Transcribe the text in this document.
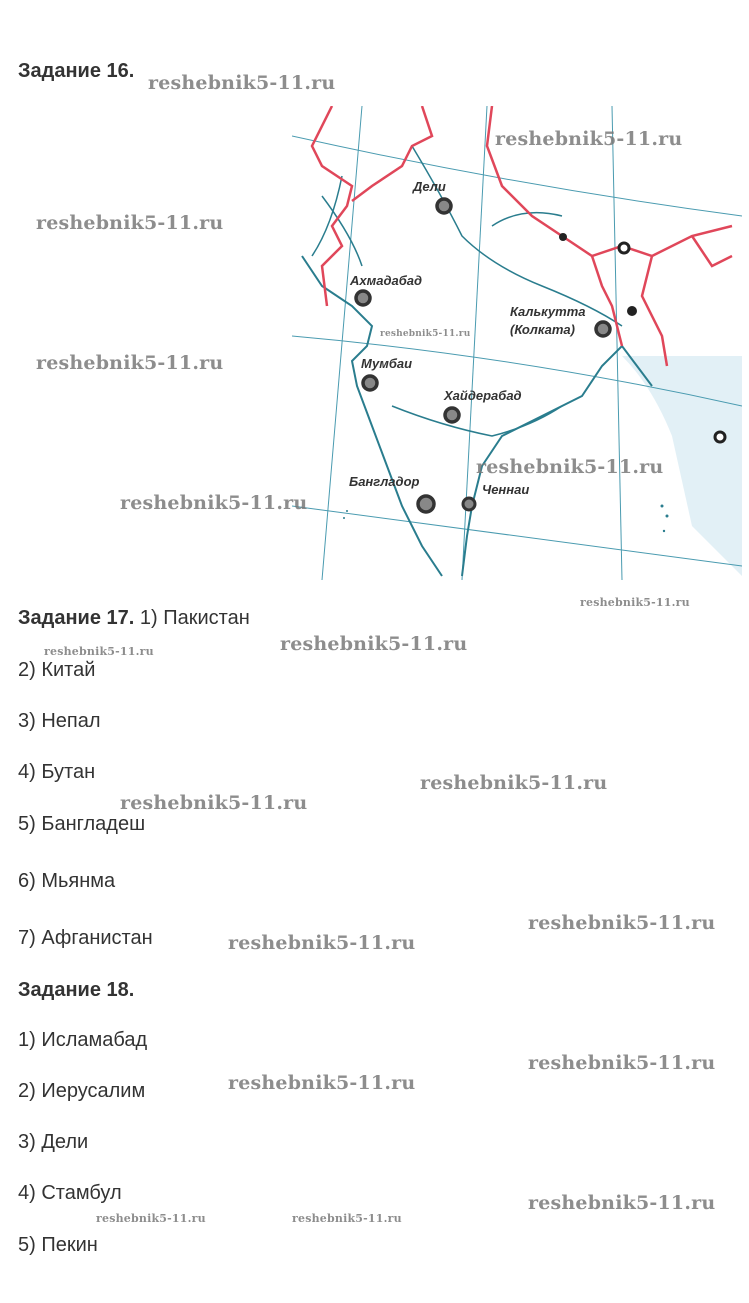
Задание 16.
Дели
Ахмадабад
Калькутта
(Колката)
Мумбаи
Хайдерабад
Бангладор
Ченнаи
Задание 17. 1) Пакистан
2) Китай
3) Непал
4) Бутан
5) Бангладеш
6) Мьянма
7) Афганистан
Задание 18.
1) Исламабад
2) Иерусалим
3) Дели
4) Стамбул
5) Пекин
reshebnik5-11.ru
reshebnik5-11.ru
reshebnik5-11.ru
reshebnik5-11.ru
reshebnik5-11.ru
reshebnik5-11.ru
reshebnik5-11.ru
reshebnik5-11.ru
reshebnik5-11.ru
reshebnik5-11.ru
reshebnik5-11.ru
reshebnik5-11.ru
reshebnik5-11.ru
reshebnik5-11.ru
reshebnik5-11.ru
reshebnik5-11.ru
reshebnik5-11.ru
reshebnik5-11.ru	reshebnik5-11.ru
